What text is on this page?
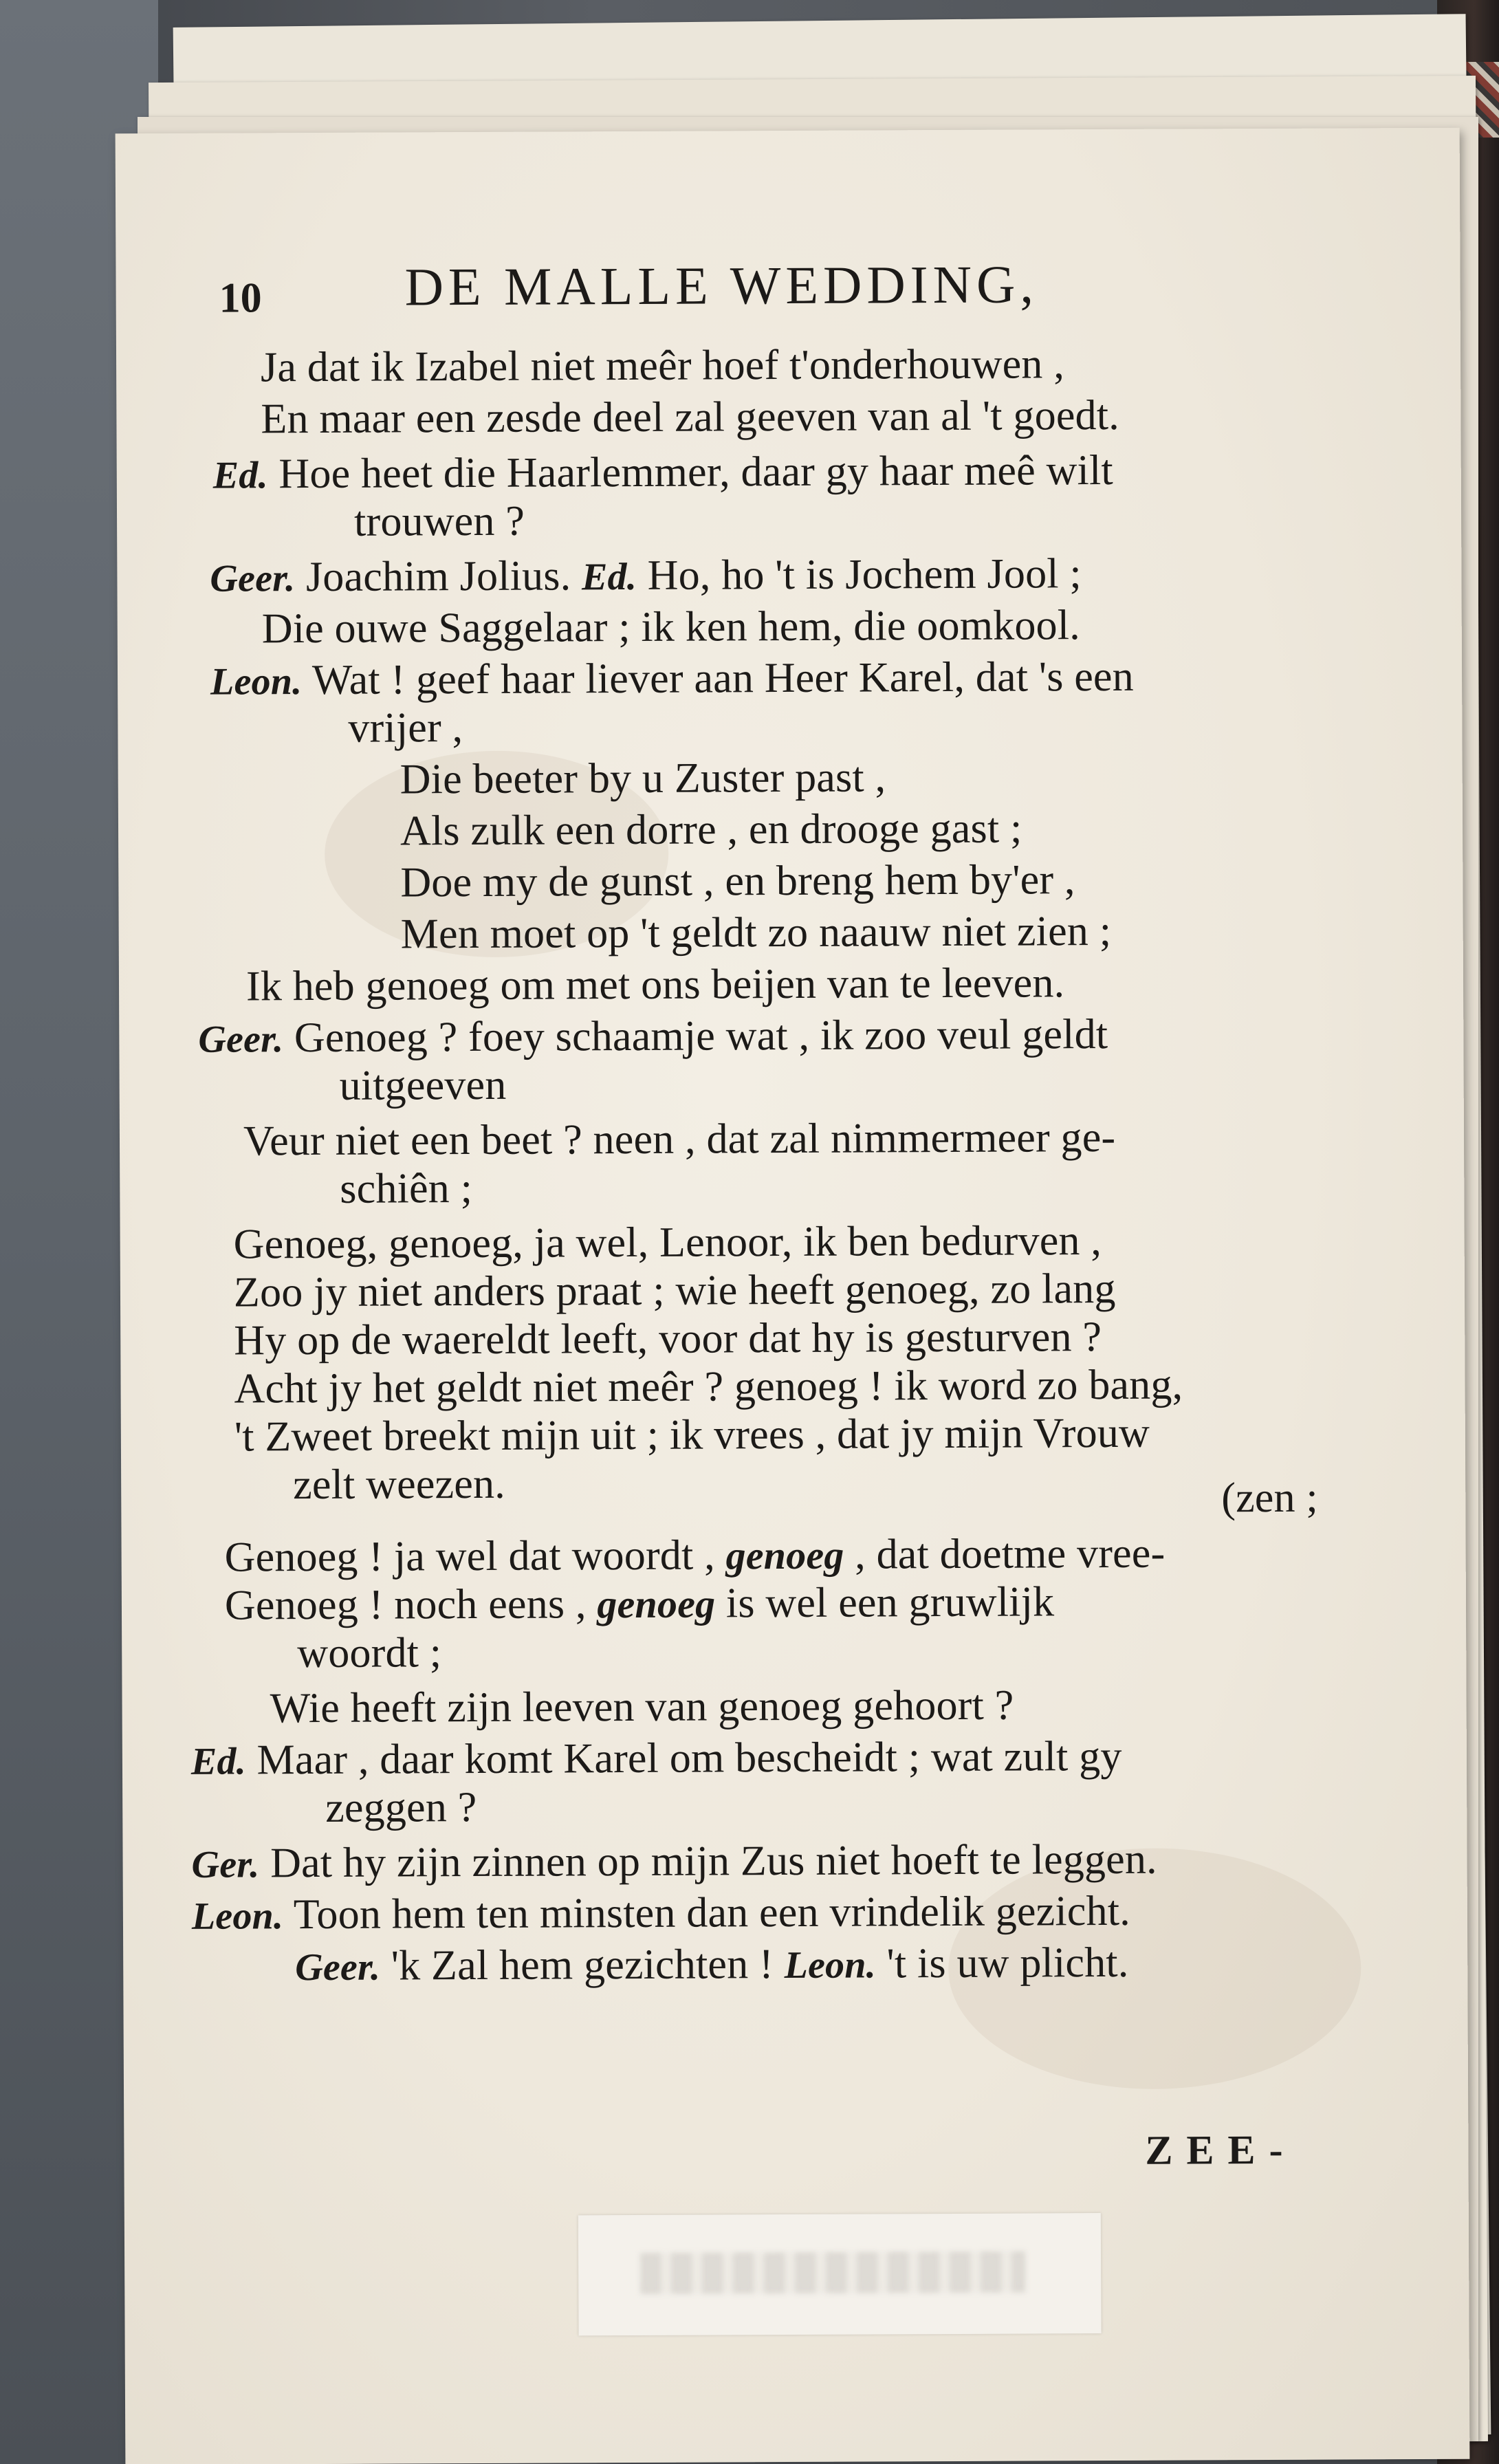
10	DE MALLE WEDDING,
Ja dat ik Izabel niet meêr hoef t'onderhouwen ,
En maar een zesde deel zal geeven van al 't goedt.
Ed. Hoe heet die Haarlemmer, daar gy haar meê wilt
trouwen ?
Geer. Joachim Jolius. Ed. Ho, ho 't is Jochem Jool ;
Die ouwe Saggelaar ; ik ken hem, die oomkool.
Leon. Wat ! geef haar liever aan Heer Karel, dat 's een
vrijer ,
Die beeter by u Zuster past ,
Als zulk een dorre , en drooge gast ;
Doe my de gunst , en breng hem by'er ,
Men moet op 't geldt zo naauw niet zien ;
Ik heb genoeg om met ons beijen van te leeven.
Geer. Genoeg ? foey schaamje wat , ik zoo veul geldt
uitgeeven
Veur niet een beet ? neen , dat zal nimmermeer ge-
schiên ;
Genoeg, genoeg, ja wel, Lenoor, ik ben bedurven ,
Zoo jy niet anders praat ; wie heeft genoeg, zo lang
Hy op de waereldt leeft, voor dat hy is gesturven ?
Acht jy het geldt niet meêr ? genoeg ! ik word zo bang,
't Zweet breekt mijn uit ; ik vrees , dat jy mijn Vrouw
zelt weezen.	(zen ;
Genoeg ! ja wel dat woordt , genoeg , dat doetme vree-
Genoeg ! noch eens , genoeg is wel een gruwlijk
woordt ;
Wie heeft zijn leeven van genoeg gehoort ?
Ed. Maar , daar komt Karel om bescheidt ; wat zult gy
zeggen ?
Ger. Dat hy zijn zinnen op mijn Zus niet hoeft te leggen.
Leon. Toon hem ten minsten dan een vrindelik gezicht.
Geer. 'k Zal hem gezichten ! Leon. 't is uw plicht.
ZEE-
